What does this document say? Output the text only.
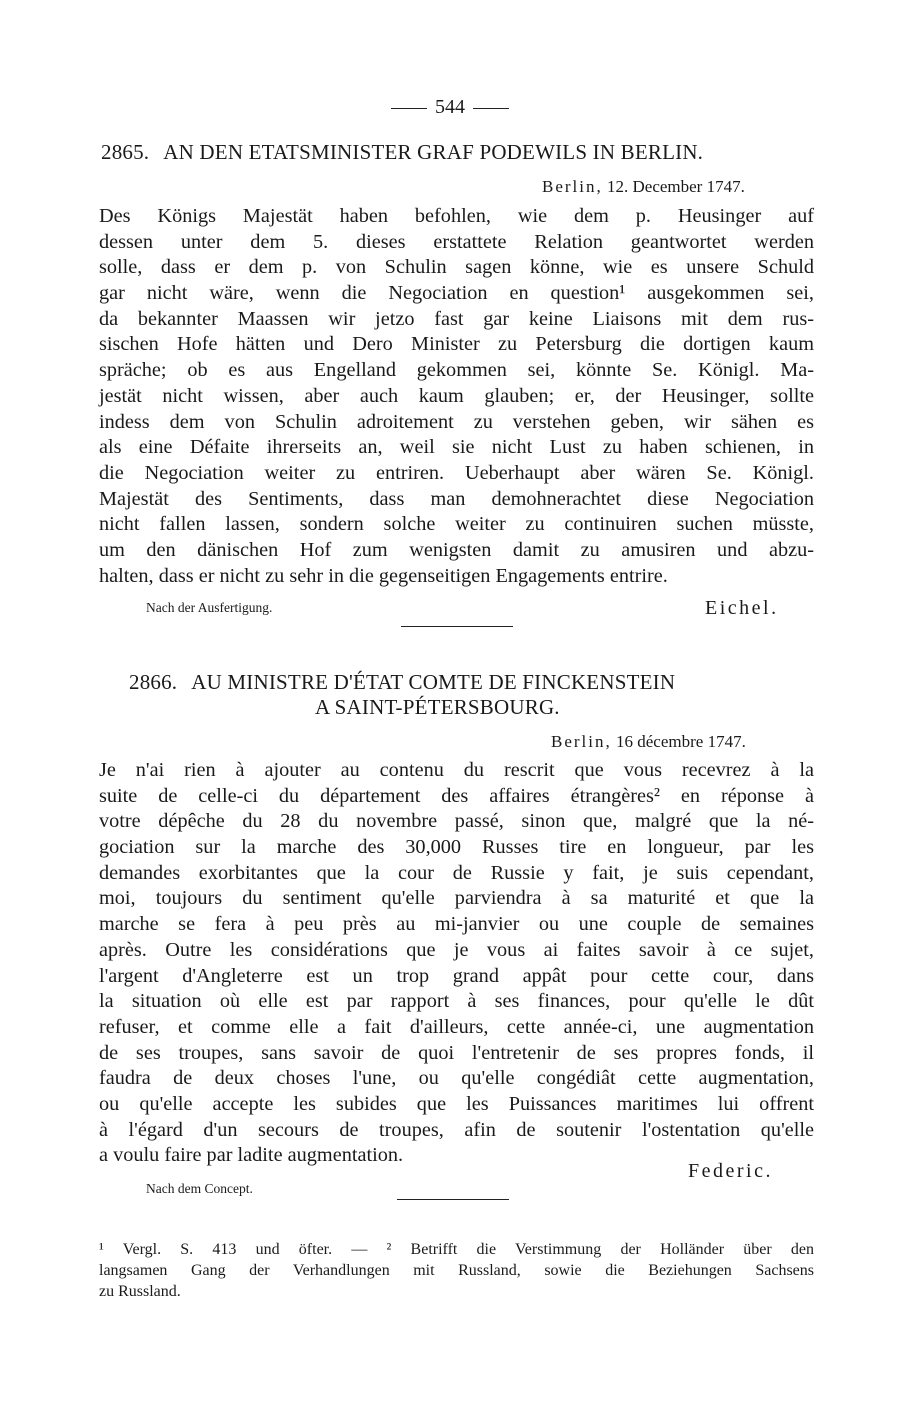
544
2865. AN DEN ETATSMINISTER GRAF PODEWILS IN BERLIN.
Berlin, 12. December 1747.
Des Königs Majestät haben befohlen, wie dem p. Heusinger auf
dessen unter dem 5. dieses erstattete Relation geantwortet werden
solle, dass er dem p. von Schulin sagen könne, wie es unsere Schuld
gar nicht wäre, wenn die Negociation en question¹ ausgekommen sei,
da bekannter Maassen wir jetzo fast gar keine Liaisons mit dem rus-
sischen Hofe hätten und Dero Minister zu Petersburg die dortigen kaum
spräche; ob es aus Engelland gekommen sei, könnte Se. Königl. Ma-
jestät nicht wissen, aber auch kaum glauben; er, der Heusinger, sollte
indess dem von Schulin adroitement zu verstehen geben, wir sähen es
als eine Défaite ihrerseits an, weil sie nicht Lust zu haben schienen, in
die Negociation weiter zu entriren. Ueberhaupt aber wären Se. Königl.
Majestät des Sentiments, dass man demohnerachtet diese Negociation
nicht fallen lassen, sondern solche weiter zu continuiren suchen müsste,
um den dänischen Hof zum wenigsten damit zu amusiren und abzu-
halten, dass er nicht zu sehr in die gegenseitigen Engagements entrire.
Nach der Ausfertigung.	Eichel.
2866. AU MINISTRE D'ÉTAT COMTE DE FINCKENSTEIN
A SAINT-PÉTERSBOURG.
Berlin, 16 décembre 1747.
Je n'ai rien à ajouter au contenu du rescrit que vous recevrez à la
suite de celle-ci du département des affaires étrangères² en réponse à
votre dépêche du 28 du novembre passé, sinon que, malgré que la né-
gociation sur la marche des 30,000 Russes tire en longueur, par les
demandes exorbitantes que la cour de Russie y fait, je suis cependant,
moi, toujours du sentiment qu'elle parviendra à sa maturité et que la
marche se fera à peu près au mi-janvier ou une couple de semaines
après. Outre les considérations que je vous ai faites savoir à ce sujet,
l'argent d'Angleterre est un trop grand appât pour cette cour, dans
la situation où elle est par rapport à ses finances, pour qu'elle le dût
refuser, et comme elle a fait d'ailleurs, cette année-ci, une augmentation
de ses troupes, sans savoir de quoi l'entretenir de ses propres fonds, il
faudra de deux choses l'une, ou qu'elle congédiât cette augmentation,
ou qu'elle accepte les subides que les Puissances maritimes lui offrent
à l'égard d'un secours de troupes, afin de soutenir l'ostentation qu'elle
a voulu faire par ladite augmentation.
Federic.
Nach dem Concept.
¹ Vergl. S. 413 und öfter. — ² Betrifft die Verstimmung der Holländer über den
langsamen Gang der Verhandlungen mit Russland, sowie die Beziehungen Sachsens
zu Russland.
